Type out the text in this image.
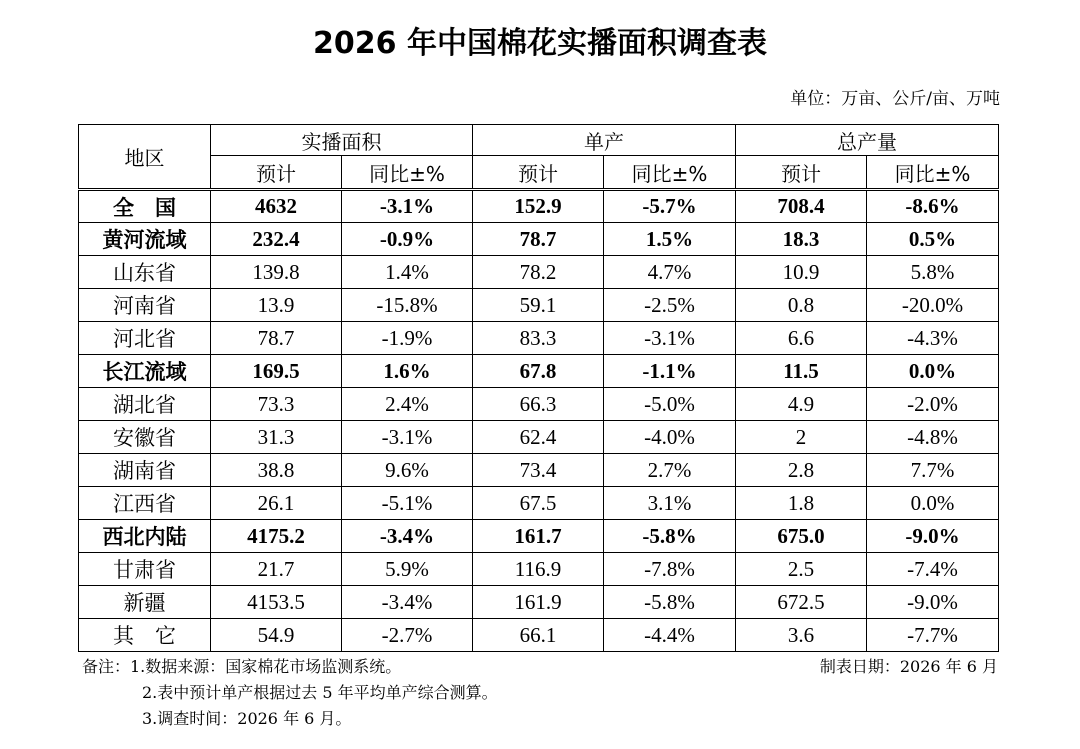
2026 年中国棉花实播面积调查表
单位：万亩、公斤/亩、万吨
地区	实播面积		单产		总产量	
	预计	同比±%	预计	同比±%	预计	同比±%
全　国	4632	-3.1%	152.9	-5.7%	708.4	-8.6%
黄河流域	232.4	-0.9%	78.7	1.5%	18.3	0.5%
山东省	139.8	1.4%	78.2	4.7%	10.9	5.8%
河南省	13.9	-15.8%	59.1	-2.5%	0.8	-20.0%
河北省	78.7	-1.9%	83.3	-3.1%	6.6	-4.3%
长江流域	169.5	1.6%	67.8	-1.1%	11.5	0.0%
湖北省	73.3	2.4%	66.3	-5.0%	4.9	-2.0%
安徽省	31.3	-3.1%	62.4	-4.0%	2	-4.8%
湖南省	38.8	9.6%	73.4	2.7%	2.8	7.7%
江西省	26.1	-5.1%	67.5	3.1%	1.8	0.0%
西北内陆	4175.2	-3.4%	161.7	-5.8%	675.0	-9.0%
甘肃省	21.7	5.9%	116.9	-7.8%	2.5	-7.4%
新疆	4153.5	-3.4%	161.9	-5.8%	672.5	-9.0%
其　它	54.9	-2.7%	66.1	-4.4%	3.6	-7.7%
备注：1.数据来源：国家棉花市场监测系统。
2.表中预计单产根据过去 5 年平均单产综合测算。
3.调查时间：2026 年 6 月。
制表日期：2026 年 6 月
